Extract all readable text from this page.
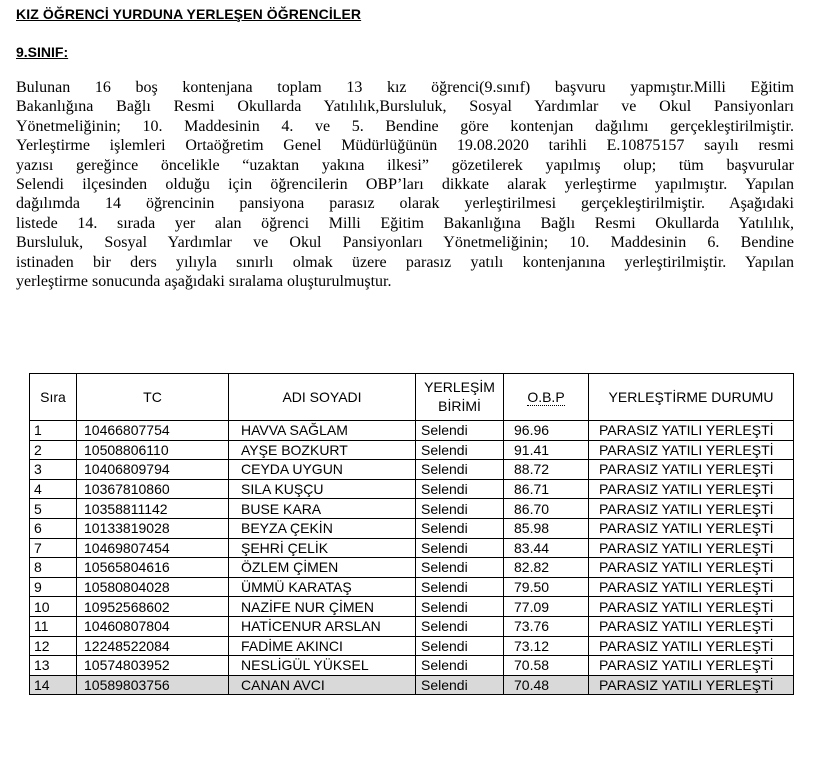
KIZ ÖĞRENCİ YURDUNA YERLEŞEN ÖĞRENCİLER
9.SINIF:

Bulunan 16 boş kontenjana toplam 13 kız öğrenci(9.sınıf) başvuru yapmıştır.Milli Eğitim
Bakanlığına Bağlı Resmi Okullarda Yatılılık,Bursluluk, Sosyal Yardımlar ve Okul Pansiyonları
Yönetmeliğinin; 10. Maddesinin 4. ve 5. Bendine göre kontenjan dağılımı gerçekleştirilmiştir.
Yerleştirme işlemleri Ortaöğretim Genel Müdürlüğünün 19.08.2020 tarihli E.10875157 sayılı resmi
yazısı gereğince öncelikle “uzaktan yakına ilkesi” gözetilerek yapılmış olup; tüm başvurular
Selendi ilçesinden olduğu için öğrencilerin OBP’ları dikkate alarak yerleştirme yapılmıştır. Yapılan
dağılımda 14 öğrencinin pansiyona parasız olarak yerleştirilmesi gerçekleştirilmiştir. Aşağıdaki
listede 14. sırada yer alan öğrenci Milli Eğitim Bakanlığına Bağlı Resmi Okullarda Yatılılık,
Bursluluk, Sosyal Yardımlar ve Okul Pansiyonları Yönetmeliğinin; 10. Maddesinin 6. Bendine
istinaden bir ders yılıyla sınırlı olmak üzere parasız yatılı kontenjanına yerleştirilmiştir. Yapılan
yerleştirme sonucunda aşağıdaki sıralama oluşturulmuştur.

Sıra	TC	ADI SOYADI	YERLEŞİM BİRİMİ	O.B.P	YERLEŞTİRME DURUMU
1	10466807754	HAVVA SAĞLAM	Selendi	96.96	PARASIZ YATILI YERLEŞTİ
2	10508806110	AYŞE BOZKURT	Selendi	91.41	PARASIZ YATILI YERLEŞTİ
3	10406809794	CEYDA UYGUN	Selendi	88.72	PARASIZ YATILI YERLEŞTİ
4	10367810860	SILA KUŞÇU	Selendi	86.71	PARASIZ YATILI YERLEŞTİ
5	10358811142	BUSE KARA	Selendi	86.70	PARASIZ YATILI YERLEŞTİ
6	10133819028	BEYZA ÇEKİN	Selendi	85.98	PARASIZ YATILI YERLEŞTİ
7	10469807454	ŞEHRİ ÇELİK	Selendi	83.44	PARASIZ YATILI YERLEŞTİ
8	10565804616	ÖZLEM ÇİMEN	Selendi	82.82	PARASIZ YATILI YERLEŞTİ
9	10580804028	ÜMMÜ KARATAŞ	Selendi	79.50	PARASIZ YATILI YERLEŞTİ
10	10952568602	NAZİFE NUR ÇİMEN	Selendi	77.09	PARASIZ YATILI YERLEŞTİ
11	10460807804	HATİCENUR ARSLAN	Selendi	73.76	PARASIZ YATILI YERLEŞTİ
12	12248522084	FADİME AKINCI	Selendi	73.12	PARASIZ YATILI YERLEŞTİ
13	10574803952	NESLİGÜL YÜKSEL	Selendi	70.58	PARASIZ YATILI YERLEŞTİ
14	10589803756	CANAN AVCI	Selendi	70.48	PARASIZ YATILI YERLEŞTİ
